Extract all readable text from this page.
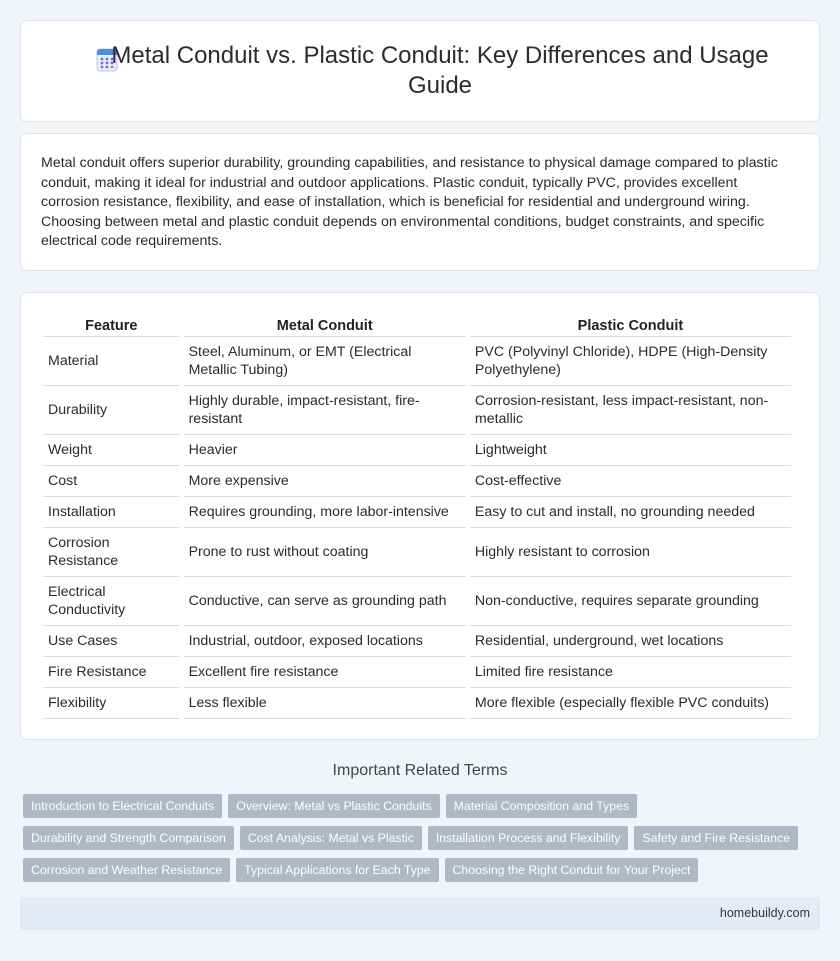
Metal Conduit vs. Plastic Conduit: Key Differences and Usage Guide

Metal conduit offers superior durability, grounding capabilities, and resistance to physical damage compared to plastic conduit, making it ideal for industrial and outdoor applications. Plastic conduit, typically PVC, provides excellent corrosion resistance, flexibility, and ease of installation, which is beneficial for residential and underground wiring. Choosing between metal and plastic conduit depends on environmental conditions, budget constraints, and specific electrical code requirements.

Feature	Metal Conduit	Plastic Conduit
Material	Steel, Aluminum, or EMT (Electrical Metallic Tubing)	PVC (Polyvinyl Chloride), HDPE (High-Density Polyethylene)
Durability	Highly durable, impact-resistant, fire-resistant	Corrosion-resistant, less impact-resistant, non-metallic
Weight	Heavier	Lightweight
Cost	More expensive	Cost-effective
Installation	Requires grounding, more labor-intensive	Easy to cut and install, no grounding needed
Corrosion Resistance	Prone to rust without coating	Highly resistant to corrosion
Electrical Conductivity	Conductive, can serve as grounding path	Non-conductive, requires separate grounding
Use Cases	Industrial, outdoor, exposed locations	Residential, underground, wet locations
Fire Resistance	Excellent fire resistance	Limited fire resistance
Flexibility	Less flexible	More flexible (especially flexible PVC conduits)
Important Related Terms
Introduction to Electrical Conduits	Overview: Metal vs Plastic Conduits	Material Composition and Types
Durability and Strength Comparison	Cost Analysis: Metal vs Plastic	Installation Process and Flexibility	Safety and Fire Resistance
Corrosion and Weather Resistance	Typical Applications for Each Type	Choosing the Right Conduit for Your Project
homebuildy.com
